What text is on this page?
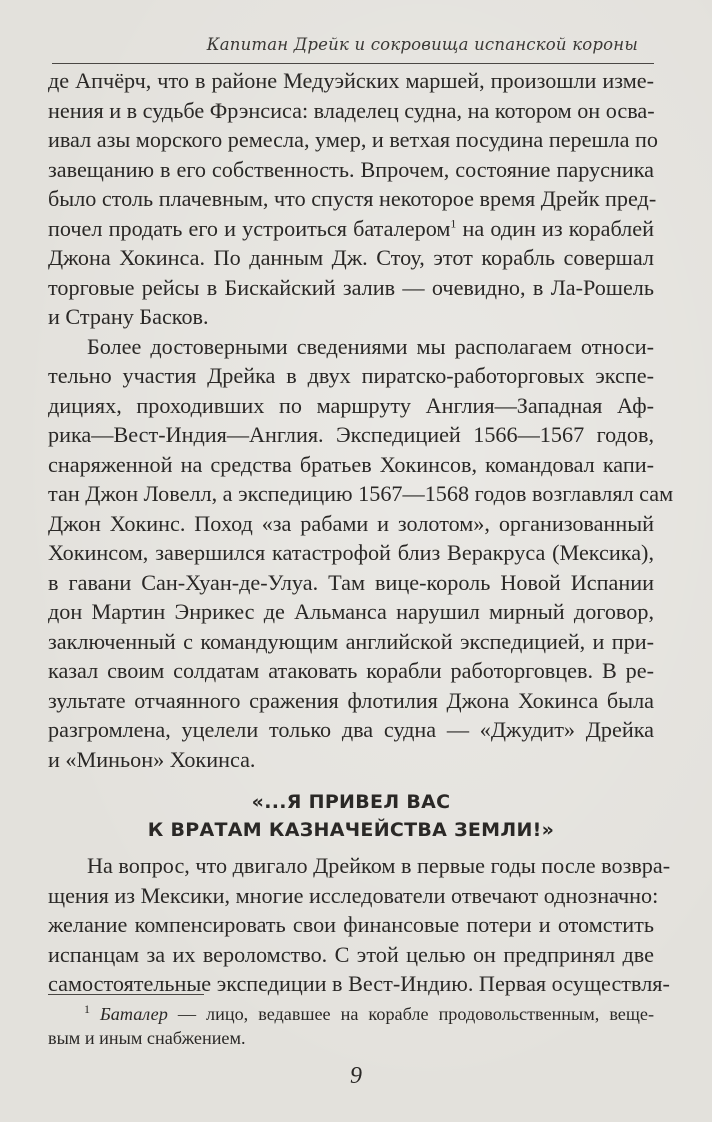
Капитан Дрейк и сокровища испанской короны
де Апчёрч, что в районе Медуэйских маршей, произошли изме-
нения и в судьбе Фрэнсиса: владелец судна, на котором он осва-
ивал азы морского ремесла, умер, и ветхая посудина перешла по
завещанию в его собственность. Впрочем, состояние парусника
было столь плачевным, что спустя некоторое время Дрейк пред-
почел продать его и устроиться баталером$^1$ на один из кораблей
Джона Хокинса. По данным Дж. Стоу, этот корабль совершал
торговые рейсы в Бискайский залив — очевидно, в Ла-Рошель
и Страну Басков.
Более достоверными сведениями мы располагаем относи-
тельно участия Дрейка в двух пиратско-работорговых экспе-
дициях, проходивших по маршруту Англия—Западная Аф-
рика—Вест-Индия—Англия. Экспедицией 1566—1567 годов,
снаряженной на средства братьев Хокинсов, командовал капи-
тан Джон Ловелл, а экспедицию 1567—1568 годов возглавлял сам
Джон Хокинс. Поход «за рабами и золотом», организованный
Хокинсом, завершился катастрофой близ Веракруса (Мексика),
в гавани Сан-Хуан-де-Улуа. Там вице-король Новой Испании
дон Мартин Энрикес де Альманса нарушил мирный договор,
заключенный с командующим английской экспедицией, и при-
казал своим солдатам атаковать корабли работорговцев. В ре-
зультате отчаянного сражения флотилия Джона Хокинса была
разгромлена, уцелели только два судна — «Джудит» Дрейка
и «Миньон» Хокинса.
«...Я ПРИВЕЛ ВАС
К ВРАТАМ КАЗНАЧЕЙСТВА ЗЕМЛИ!»
На вопрос, что двигало Дрейком в первые годы после возвра-
щения из Мексики, многие исследователи отвечают однозначно:
желание компенсировать свои финансовые потери и отомстить
испанцам за их вероломство. С этой целью он предпринял две
самостоятельные экспедиции в Вест-Индию. Первая осуществля-
$^1$ Баталер — лицо, ведавшее на корабле продовольственным, веще-
вым и иным снабжением.
9
